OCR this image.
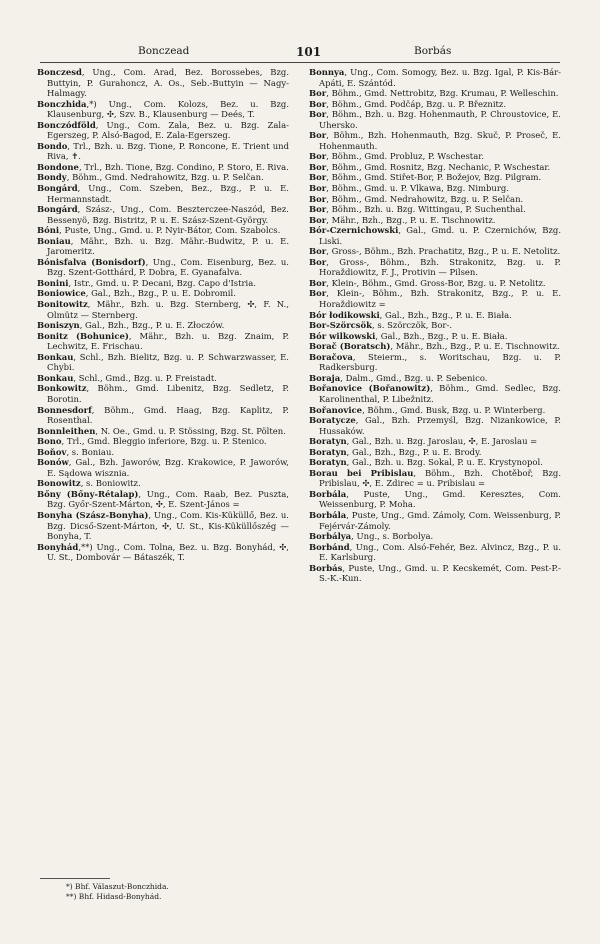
Bonczead	101	Borbás

Bonczesd, Ung., Com. Arad, Bez. Borossebes, Bzg. Buttyin, P. Gurahoncz, A. Os., Seb.-Buttyin — Nagy-Halmagy.

Bonczhida,*) Ung., Com. Kolozs, Bez. u. Bzg. Klausenburg, ✣, Szv. B., Klausenburg — Deés, T.

Bonczódföld, Ung., Com. Zala, Bez. u. Bzg. Zala-Egerszeg, P. Alsó-Bagod, E. Zala-Egerszeg.

Bondo, Trl., Bzh. u. Bzg. Tione, P. Roncone, E. Trient und Riva, ✝.

Bondone, Trl., Bzh. Tione, Bzg. Condino, P. Storo, E. Riva.

Bondy, Böhm., Gmd. Nedrahowitz, Bzg. u. P. Selčan.

Bongárd, Ung., Com. Szeben, Bez., Bzg., P. u. E. Hermannstadt.

Bongárd, Szász-, Ung., Com. Beszterczee-Naszód, Bez. Bessenyö, Bzg. Bistritz, P. u. E. Szász-Szent-György.

Bóni, Puste, Ung., Gmd. u. P. Nyir-Bátor, Com. Szabolcs.

Boniau, Mähr., Bzh. u. Bzg. Mähr.-Budwitz, P. u. E. Jaromeritz.

Bónisfalva (Bonisdorf), Ung., Com. Eisenburg, Bez. u. Bzg. Szent-Gotthárd, P. Dobra, E. Gyanafalva.

Bonini, Istr., Gmd. u. P. Decani, Bzg. Capo d'Istria.

Boniowice, Gal., Bzh., Bzg., P. u. E. Dobromil.

Bonitowitz, Mähr., Bzh. u. Bzg. Sternberg, ✣, F. N., Olmütz — Sternberg.

Boniszyn, Gal., Bzh., Bzg., P. u. E. Złoczów.

Bonitz (Bohunice), Mähr., Bzh. u. Bzg. Znaim, P. Lechwitz, E. Frischau.

Bonkau, Schl., Bzh. Bielitz, Bzg. u. P. Schwarzwasser, E. Chybi.

Bonkau, Schl., Gmd., Bzg. u. P. Freistadt.

Bonkowitz, Böhm., Gmd. Libenitz, Bzg. Sedletz, P. Borotin.

Bonnesdorf, Böhm., Gmd. Haag, Bzg. Kaplitz, P. Rosenthal.

Bonnleithen, N. Oe., Gmd. u. P. Stössing, Bzg. St. Pölten.

Bono, Trl., Gmd. Bleggio inferiore, Bzg. u. P. Stenico.

Boňov, s. Boniau.

Bonów, Gal., Bzh. Jaworów, Bzg. Krakowice, P. Jaworów, E. Sądowa wisznia.

Bonowitz, s. Boniowitz.

Bőny (Bőny-Rétalap), Ung., Com. Raab, Bez. Puszta, Bzg. Győr-Szent-Márton, ✣, E. Szent-János =

Bonyha (Szász-Bonyha), Ung., Com. Kis-Küküllő, Bez. u. Bzg. Dicső-Szent-Márton, ✣, U. St., Kis-Küküllőszég — Bonyha, T.

Bonyhád,**) Ung., Com. Tolna, Bez. u. Bzg. Bonyhád, ✣, U. St., Dombovár — Bátaszék, T.

Bonnya, Ung., Com. Somogy, Bez. u. Bzg. Igal, P. Kis-Bár-Apáti, E. Szántód.

Bor, Böhm., Gmd. Nettrobitz, Bzg. Krumau, P. Welleschin.

Bor, Böhm., Gmd. Podčáp, Bzg. u. P. Březnitz.

Bor, Böhm., Bzh. u. Bzg. Hohenmauth, P. Chroustovice, E. Uhersko.

Bor, Böhm., Bzh. Hohenmauth, Bzg. Skuč, P. Proseč, E. Hohenmauth.

Bor, Böhm., Gmd. Probluz, P. Wschestar.

Bor, Böhm., Gmd. Rosnitz, Bzg. Nechanic, P. Wschestar.

Bor, Böhm., Gmd. Stiřet-Bor, P. Božejov, Bzg. Pilgram.

Bor, Böhm., Gmd. u. P. Vlkawa, Bzg. Nimburg.

Bor, Böhm., Gmd. Nedrahowitz, Bzg. u. P. Selčan.

Bor, Böhm., Bzh. u. Bzg. Wittingau, P. Suchenthal.

Bor, Mähr., Bzh., Bzg., P. u. E. Tischnowitz.

Bór-Czernichowski, Gal., Gmd. u. P. Czernichów, Bzg. Liski.

Bor, Gross-, Böhm., Bzh. Prachatitz, Bzg., P. u. E. Netolitz.

Bor, Gross-, Böhm., Bzh. Strakonitz, Bzg. u. P. Horaždiowitz, F. J., Protivin — Pilsen.

Bor, Klein-, Böhm., Gmd. Gross-Bor, Bzg. u. P. Netolitz.

Bor, Klein-, Böhm., Bzh. Strakonitz, Bzg., P. u. E. Horaždiowitz =

Bór łodikowski, Gal., Bzh., Bzg., P. u. E. Biała.

Bor-Szörcsök, s. Szörczök, Bor-.

Bór wilkowski, Gal., Bzh., Bzg., P. u. E. Biała.

Borač (Boratsch), Mähr., Bzh., Bzg., P. u. E. Tischnowitz.

Boračova, Steierm., s. Woritschau, Bzg. u. P. Radkersburg.

Boraja, Dalm., Gmd., Bzg. u. P. Sebenico.

Bořanovice (Bořanowitz), Böhm., Gmd. Sedlec, Bzg. Karolinenthal, P. Libežnitz.

Bořanovice, Böhm., Gmd. Busk, Bzg. u. P. Winterberg.

Boratycze, Gal., Bzh. Przemyśl, Bzg. Nizankowice, P. Hussaków.

Boratyn, Gal., Bzh. u. Bzg. Jaroslau, ✣, E. Jaroslau =

Boratyn, Gal., Bzh., Bzg., P. u. E. Brody.

Boratyn, Gal., Bzh. u. Bzg. Sokal, P. u. E. Krystynopol.

Borau bei Pribislau, Böhm., Bzh. Chotěboř, Bzg. Pribislau, ✣, E. Zdirec = u. Pribislau =

Borbála, Puste, Ung., Gmd. Keresztes, Com. Weissenburg, P. Moha.

Borbála, Puste, Ung., Gmd. Zámoly, Com. Weissenburg, P. Fejérvár-Zámoly.

Borbálya, Ung., s. Borbolya.

Borbánd, Ung., Com. Alsó-Fehér, Bez. Alvincz, Bzg., P. u. E. Karlsburg.

Borbás, Puste, Ung., Gmd. u. P. Kecskemét, Com. Pest-P.-S.-K.-Kun.

*) Bhf. Válaszut-Bonczhida.

**) Bhf. Hidasd-Bonyhád.
